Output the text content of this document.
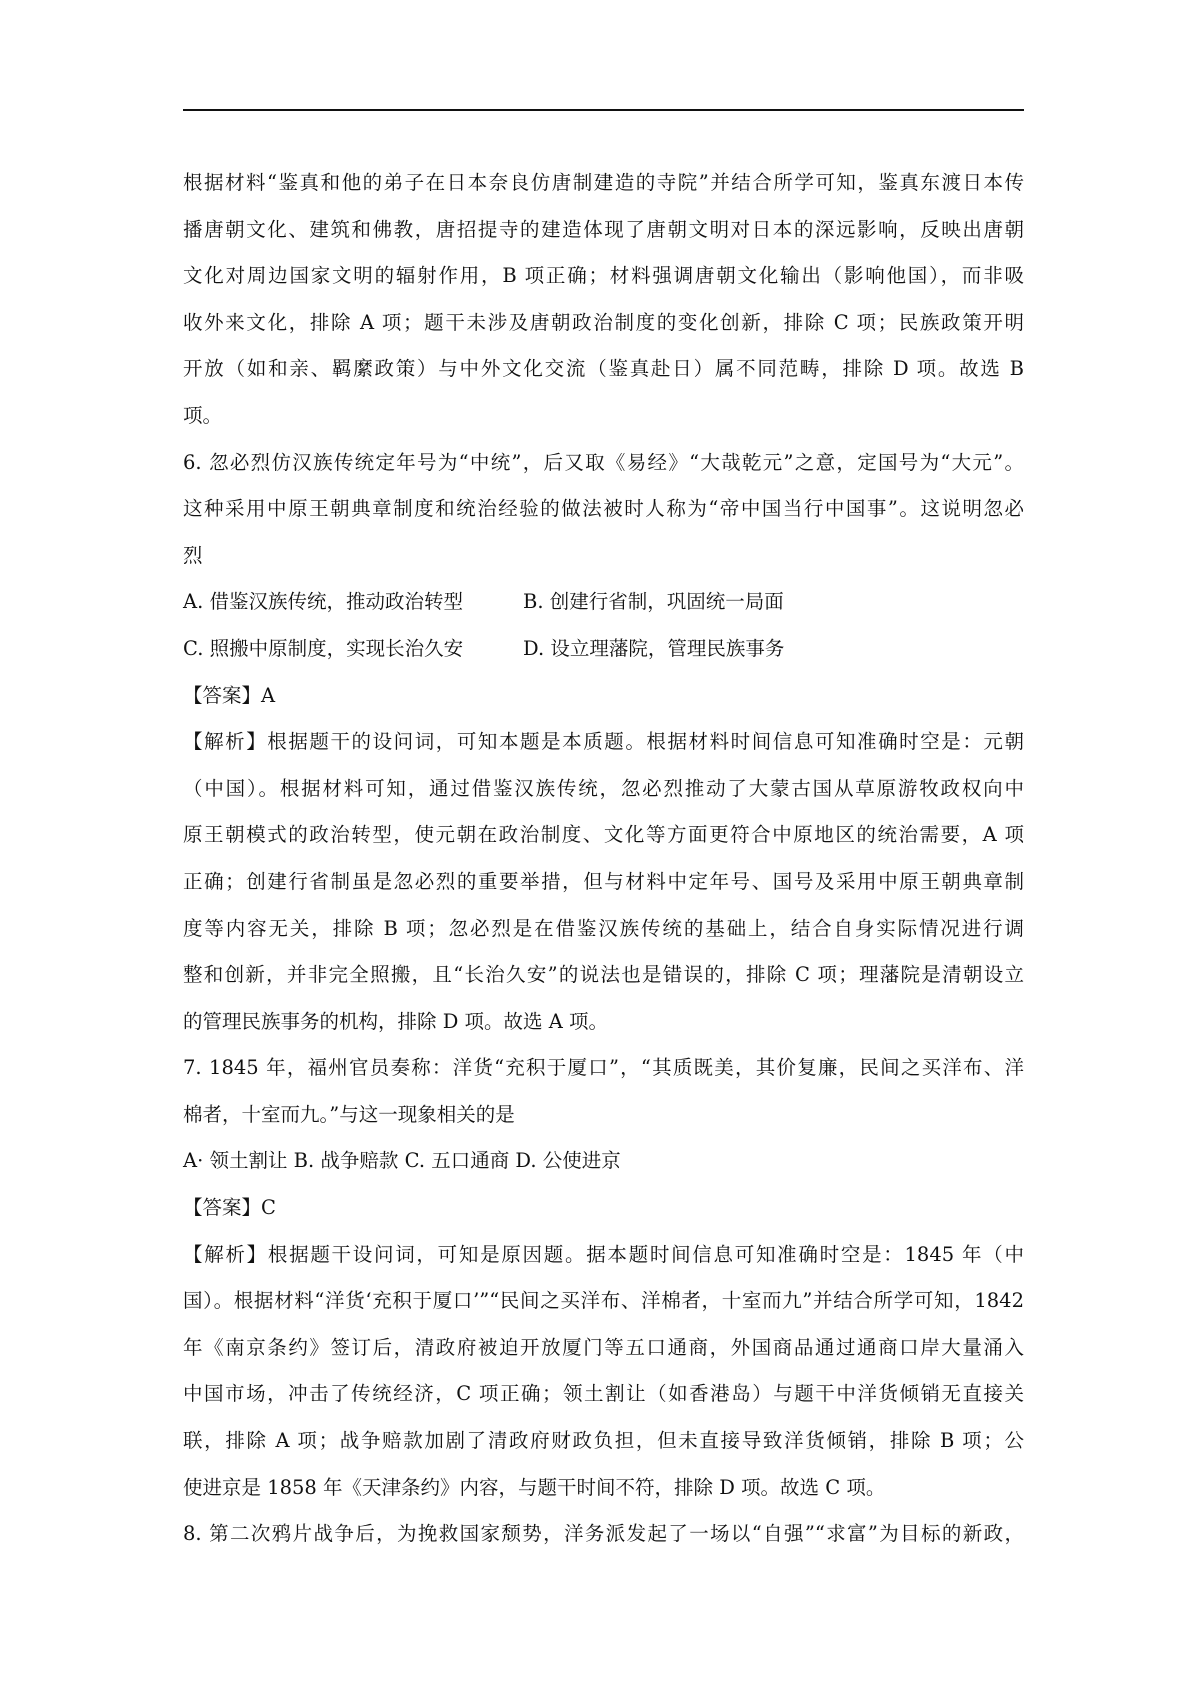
根据材料“鉴真和他的弟子在日本奈良仿唐制建造的寺院”并结合所学可知，鉴真东渡日本传
播唐朝文化、建筑和佛教，唐招提寺的建造体现了唐朝文明对日本的深远影响，反映出唐朝
文化对周边国家文明的辐射作用，B 项正确；材料强调唐朝文化输出（影响他国），而非吸
收外来文化，排除 A 项；题干未涉及唐朝政治制度的变化创新，排除 C 项；民族政策开明
开放（如和亲、羁縻政策）与中外文化交流（鉴真赴日）属不同范畴，排除 D 项。故选 B
项。
6. 忽必烈仿汉族传统定年号为“中统”，后又取《易经》“大哉乾元”之意，定国号为“大元”。
这种采用中原王朝典章制度和统治经验的做法被时人称为“帝中国当行中国事”。这说明忽必
烈
A. 借鉴汉族传统，推动政治转型	B. 创建行省制，巩固统一局面
C. 照搬中原制度，实现长治久安	D. 设立理藩院，管理民族事务
【答案】A
【解析】根据题干的设问词，可知本题是本质题。根据材料时间信息可知准确时空是：元朝
（中国）。根据材料可知，通过借鉴汉族传统，忽必烈推动了大蒙古国从草原游牧政权向中
原王朝模式的政治转型，使元朝在政治制度、文化等方面更符合中原地区的统治需要，A 项
正确；创建行省制虽是忽必烈的重要举措，但与材料中定年号、国号及采用中原王朝典章制
度等内容无关，排除 B 项；忽必烈是在借鉴汉族传统的基础上，结合自身实际情况进行调
整和创新，并非完全照搬，且“长治久安”的说法也是错误的，排除 C 项；理藩院是清朝设立
的管理民族事务的机构，排除 D 项。故选 A 项。
7. 1845 年，福州官员奏称：洋货“充积于厦口”，“其质既美，其价复廉，民间之买洋布、洋
棉者，十室而九。”与这一现象相关的是
A· 领土割让 B. 战争赔款 C. 五口通商 D. 公使进京
【答案】C
【解析】根据题干设问词，可知是原因题。据本题时间信息可知准确时空是：1845 年（中
国）。根据材料“洋货‘充积于厦口’”“民间之买洋布、洋棉者，十室而九”并结合所学可知，1842
年《南京条约》签订后，清政府被迫开放厦门等五口通商，外国商品通过通商口岸大量涌入
中国市场，冲击了传统经济，C 项正确；领土割让（如香港岛）与题干中洋货倾销无直接关
联，排除 A 项；战争赔款加剧了清政府财政负担，但未直接导致洋货倾销，排除 B 项；公
使进京是 1858 年《天津条约》内容，与题干时间不符，排除 D 项。故选 C 项。
8. 第二次鸦片战争后，为挽救国家颓势，洋务派发起了一场以“自强”“求富”为目标的新政，
